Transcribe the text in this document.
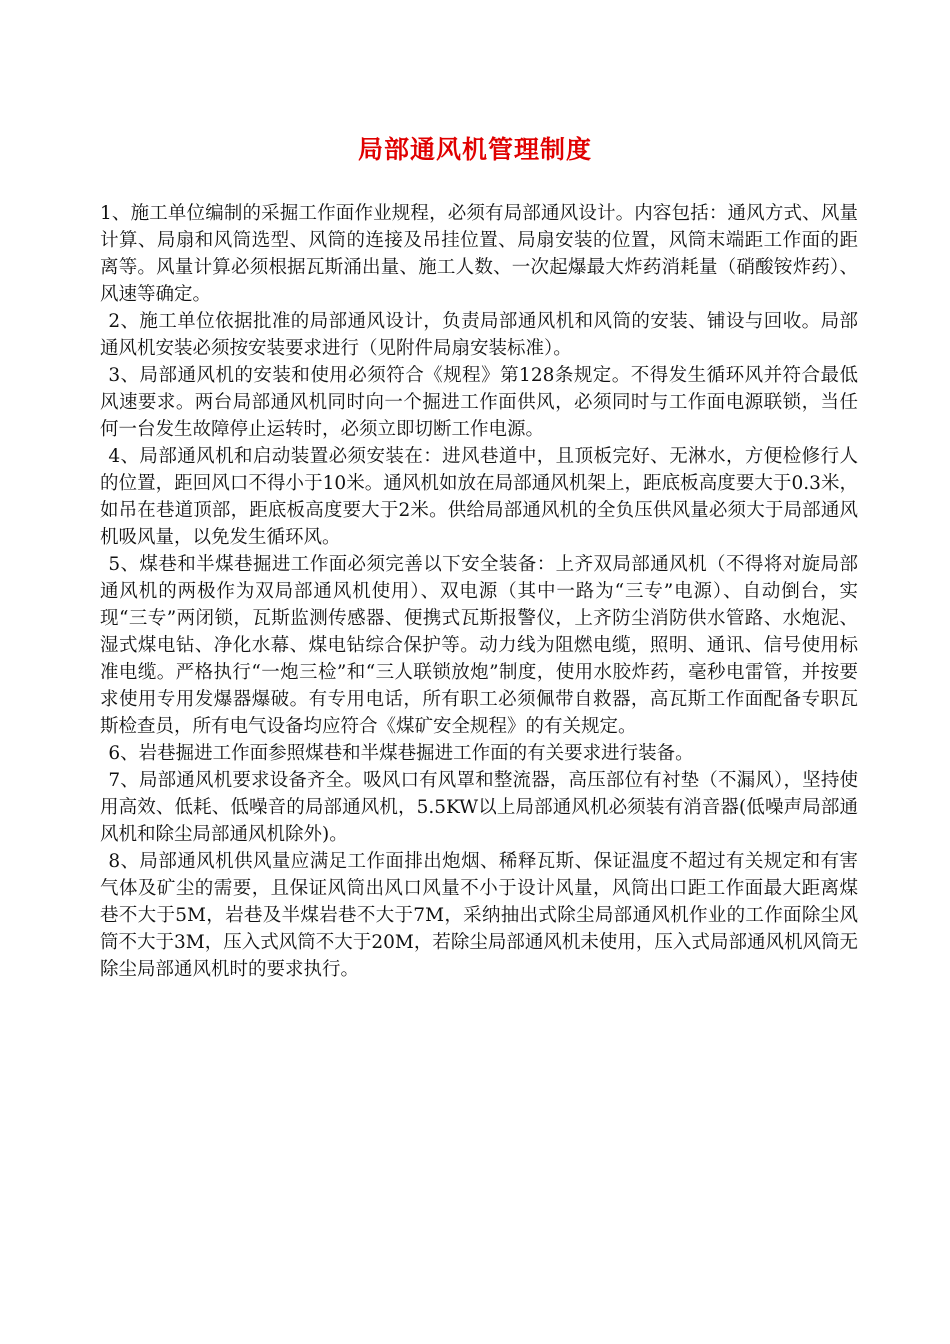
局部通风机管理制度

1、施工单位编制的采掘工作面作业规程，必须有局部通风设计。内容包括：通风方式、风量计算、局扇和风筒选型、风筒的连接及吊挂位置、局扇安装的位置，风筒末端距工作面的距离等。风量计算必须根据瓦斯涌出量、施工人数、一次起爆最大炸药消耗量（硝酸铵炸药）、风速等确定。

2、施工单位依据批准的局部通风设计，负责局部通风机和风筒的安装、铺设与回收。局部通风机安装必须按安装要求进行（见附件局扇安装标准）。

3、局部通风机的安装和使用必须符合《规程》第128条规定。不得发生循环风并符合最低风速要求。两台局部通风机同时向一个掘进工作面供风，必须同时与工作面电源联锁，当任何一台发生故障停止运转时，必须立即切断工作电源。

4、局部通风机和启动装置必须安装在：进风巷道中，且顶板完好、无淋水，方便检修行人的位置，距回风口不得小于10米。通风机如放在局部通风机架上，距底板高度要大于0.3米，如吊在巷道顶部，距底板高度要大于2米。供给局部通风机的全负压供风量必须大于局部通风机吸风量，以免发生循环风。

5、煤巷和半煤巷掘进工作面必须完善以下安全装备：上齐双局部通风机（不得将对旋局部通风机的两极作为双局部通风机使用）、双电源（其中一路为“三专”电源）、自动倒台，实现“三专”两闭锁，瓦斯监测传感器、便携式瓦斯报警仪，上齐防尘消防供水管路、水炮泥、湿式煤电钻、净化水幕、煤电钻综合保护等。动力线为阻燃电缆，照明、通讯、信号使用标准电缆。严格执行“一炮三检”和“三人联锁放炮”制度，使用水胶炸药，毫秒电雷管，并按要求使用专用发爆器爆破。有专用电话，所有职工必须佩带自救器，高瓦斯工作面配备专职瓦斯检查员，所有电气设备均应符合《煤矿安全规程》的有关规定。

6、岩巷掘进工作面参照煤巷和半煤巷掘进工作面的有关要求进行装备。

7、局部通风机要求设备齐全。吸风口有风罩和整流器，高压部位有衬垫（不漏风），坚持使用高效、低耗、低噪音的局部通风机，5.5KW以上局部通风机必须装有消音器(低噪声局部通风机和除尘局部通风机除外)。

8、局部通风机供风量应满足工作面排出炮烟、稀释瓦斯、保证温度不超过有关规定和有害气体及矿尘的需要，且保证风筒出风口风量不小于设计风量，风筒出口距工作面最大距离煤巷不大于5M，岩巷及半煤岩巷不大于7M，采纳抽出式除尘局部通风机作业的工作面除尘风筒不大于3M，压入式风筒不大于20M，若除尘局部通风机未使用，压入式局部通风机风筒无除尘局部通风机时的要求执行。
